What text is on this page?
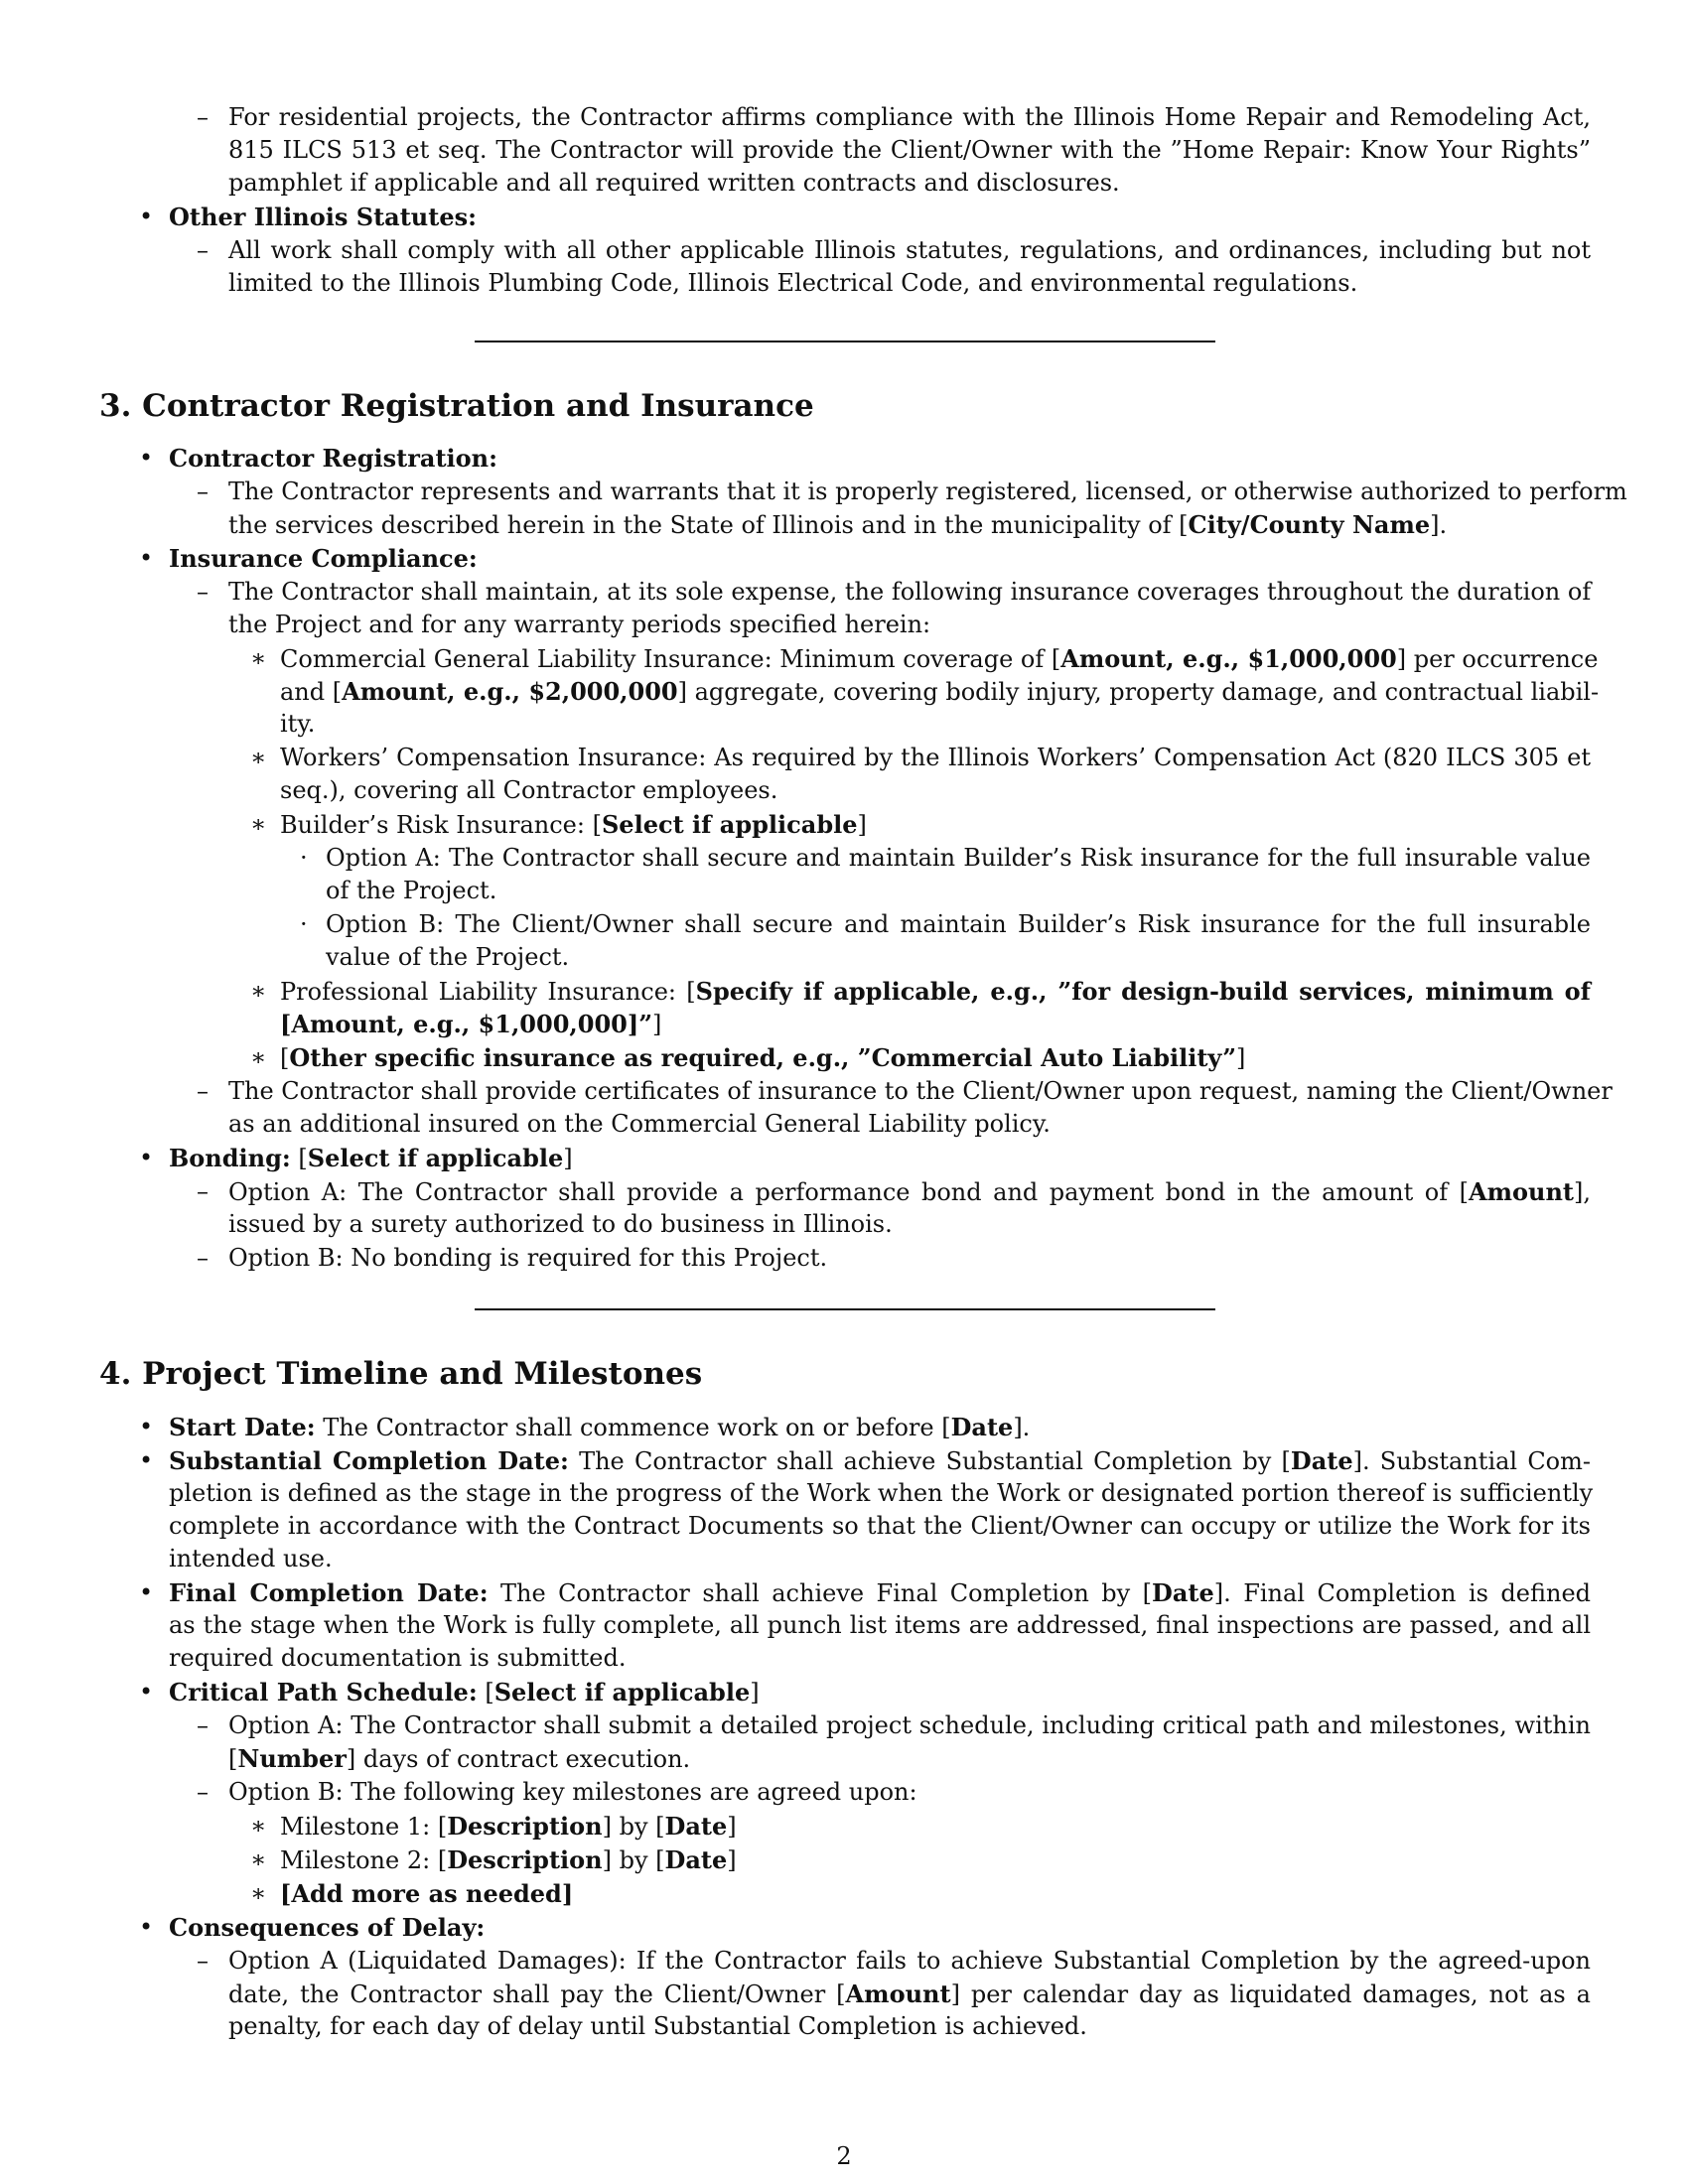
– For residential projects, the Contractor affirms compliance with the Illinois Home Repair and Remodeling Act,
815 ILCS 513 et seq. The Contractor will provide the Client/Owner with the ”Home Repair: Know Your Rights”
pamphlet if applicable and all required written contracts and disclosures.
• Other Illinois Statutes:
– All work shall comply with all other applicable Illinois statutes, regulations, and ordinances, including but not
limited to the Illinois Plumbing Code, Illinois Electrical Code, and environmental regulations.
3. Contractor Registration and Insurance
• Contractor Registration:
– The Contractor represents and warrants that it is properly registered, licensed, or otherwise authorized to perform
the services described herein in the State of Illinois and in the municipality of [City/County Name].
• Insurance Compliance:
– The Contractor shall maintain, at its sole expense, the following insurance coverages throughout the duration of
the Project and for any warranty periods specified herein:
∗ Commercial General Liability Insurance: Minimum coverage of [Amount, e.g., $1,000,000] per occurrence
and [Amount, e.g., $2,000,000] aggregate, covering bodily injury, property damage, and contractual liabil-
ity.
∗ Workers’ Compensation Insurance: As required by the Illinois Workers’ Compensation Act (820 ILCS 305 et
seq.), covering all Contractor employees.
∗ Builder’s Risk Insurance: [Select if applicable]
· Option A: The Contractor shall secure and maintain Builder’s Risk insurance for the full insurable value
of the Project.
· Option B: The Client/Owner shall secure and maintain Builder’s Risk insurance for the full insurable
value of the Project.
∗ Professional Liability Insurance: [Specify if applicable, e.g., ”for design-build services, minimum of
[Amount, e.g., $1,000,000]”]
∗ [Other specific insurance as required, e.g., ”Commercial Auto Liability”]
– The Contractor shall provide certificates of insurance to the Client/Owner upon request, naming the Client/Owner
as an additional insured on the Commercial General Liability policy.
• Bonding: [Select if applicable]
– Option A: The Contractor shall provide a performance bond and payment bond in the amount of [Amount],
issued by a surety authorized to do business in Illinois.
– Option B: No bonding is required for this Project.
4. Project Timeline and Milestones
• Start Date: The Contractor shall commence work on or before [Date].
• Substantial Completion Date: The Contractor shall achieve Substantial Completion by [Date]. Substantial Com-
pletion is defined as the stage in the progress of the Work when the Work or designated portion thereof is sufficiently
complete in accordance with the Contract Documents so that the Client/Owner can occupy or utilize the Work for its
intended use.
• Final Completion Date: The Contractor shall achieve Final Completion by [Date]. Final Completion is defined
as the stage when the Work is fully complete, all punch list items are addressed, final inspections are passed, and all
required documentation is submitted.
• Critical Path Schedule: [Select if applicable]
– Option A: The Contractor shall submit a detailed project schedule, including critical path and milestones, within
[Number] days of contract execution.
– Option B: The following key milestones are agreed upon:
∗ Milestone 1: [Description] by [Date]
∗ Milestone 2: [Description] by [Date]
∗ [Add more as needed]
• Consequences of Delay:
– Option A (Liquidated Damages): If the Contractor fails to achieve Substantial Completion by the agreed-upon
date, the Contractor shall pay the Client/Owner [Amount] per calendar day as liquidated damages, not as a
penalty, for each day of delay until Substantial Completion is achieved.
2
